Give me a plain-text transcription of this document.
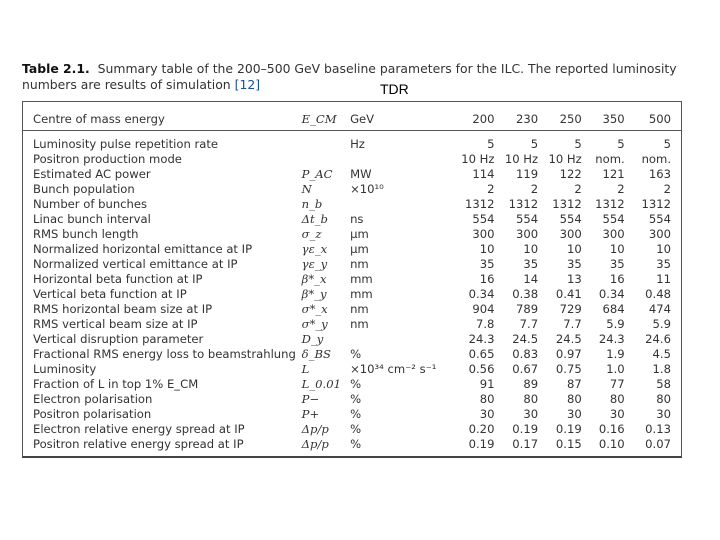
Table 2.1. Summary table of the 200–500 GeV baseline parameters for the ILC. The reported luminosity numbers are results of simulation [12]	TDR
Centre of mass energy	E_CM	GeV	200	230	250	350	500
Luminosity pulse repetition rate		Hz	5	5	5	5	5
Positron production mode			10 Hz	10 Hz	10 Hz	nom.	nom.
Estimated AC power	P_AC	MW	114	119	122	121	163
Bunch population	N	×10¹⁰	2	2	2	2	2
Number of bunches	n_b		1312	1312	1312	1312	1312
Linac bunch interval	Δt_b	ns	554	554	554	554	554
RMS bunch length	σ_z	μm	300	300	300	300	300
Normalized horizontal emittance at IP	γε_x	μm	10	10	10	10	10
Normalized vertical emittance at IP	γε_y	nm	35	35	35	35	35
Horizontal beta function at IP	β*_x	mm	16	14	13	16	11
Vertical beta function at IP	β*_y	mm	0.34	0.38	0.41	0.34	0.48
RMS horizontal beam size at IP	σ*_x	nm	904	789	729	684	474
RMS vertical beam size at IP	σ*_y	nm	7.8	7.7	7.7	5.9	5.9
Vertical disruption parameter	D_y		24.3	24.5	24.5	24.3	24.6
Fractional RMS energy loss to beamstrahlung	δ_BS	%	0.65	0.83	0.97	1.9	4.5
Luminosity	L	×10³⁴ cm⁻² s⁻¹	0.56	0.67	0.75	1.0	1.8
Fraction of L in top 1% E_CM	L_0.01	%	91	89	87	77	58
Electron polarisation	P−	%	80	80	80	80	80
Positron polarisation	P+	%	30	30	30	30	30
Electron relative energy spread at IP	Δp/p	%	0.20	0.19	0.19	0.16	0.13
Positron relative energy spread at IP	Δp/p	%	0.19	0.17	0.15	0.10	0.07
